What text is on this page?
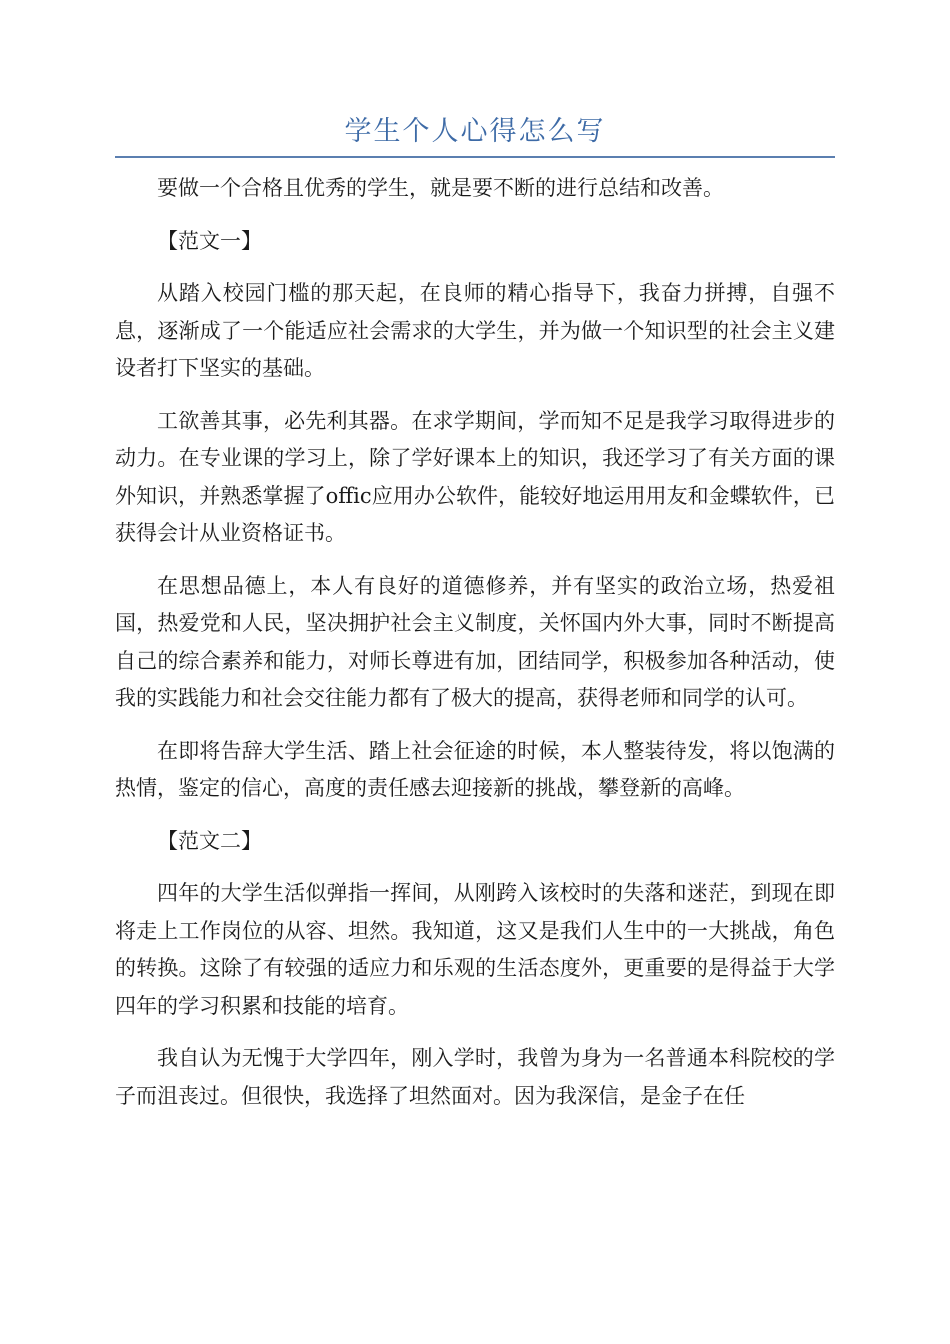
学生个人心得怎么写

要做一个合格且优秀的学生，就是要不断的进行总结和改善。

【范文一】

从踏入校园门槛的那天起，在良师的精心指导下，我奋力拼搏，自强不息，逐渐成了一个能适应社会需求的大学生，并为做一个知识型的社会主义建设者打下坚实的基础。

工欲善其事，必先利其器。在求学期间，学而知不足是我学习取得进步的动力。在专业课的学习上，除了学好课本上的知识，我还学习了有关方面的课外知识，并熟悉掌握了offic应用办公软件，能较好地运用用友和金蝶软件，已获得会计从业资格证书。

在思想品德上，本人有良好的道德修养，并有坚实的政治立场，热爱祖国，热爱党和人民，坚决拥护社会主义制度，关怀国内外大事，同时不断提高自己的综合素养和能力，对师长尊进有加，团结同学，积极参加各种活动，使我的实践能力和社会交往能力都有了极大的提高，获得老师和同学的认可。

在即将告辞大学生活、踏上社会征途的时候，本人整装待发，将以饱满的热情，鉴定的信心，高度的责任感去迎接新的挑战，攀登新的高峰。

【范文二】

四年的大学生活似弹指一挥间，从刚跨入该校时的失落和迷茫，到现在即将走上工作岗位的从容、坦然。我知道，这又是我们人生中的一大挑战，角色的转换。这除了有较强的适应力和乐观的生活态度外，更重要的是得益于大学四年的学习积累和技能的培育。

我自认为无愧于大学四年，刚入学时，我曾为身为一名普通本科院校的学子而沮丧过。但很快，我选择了坦然面对。因为我深信，是金子在任
